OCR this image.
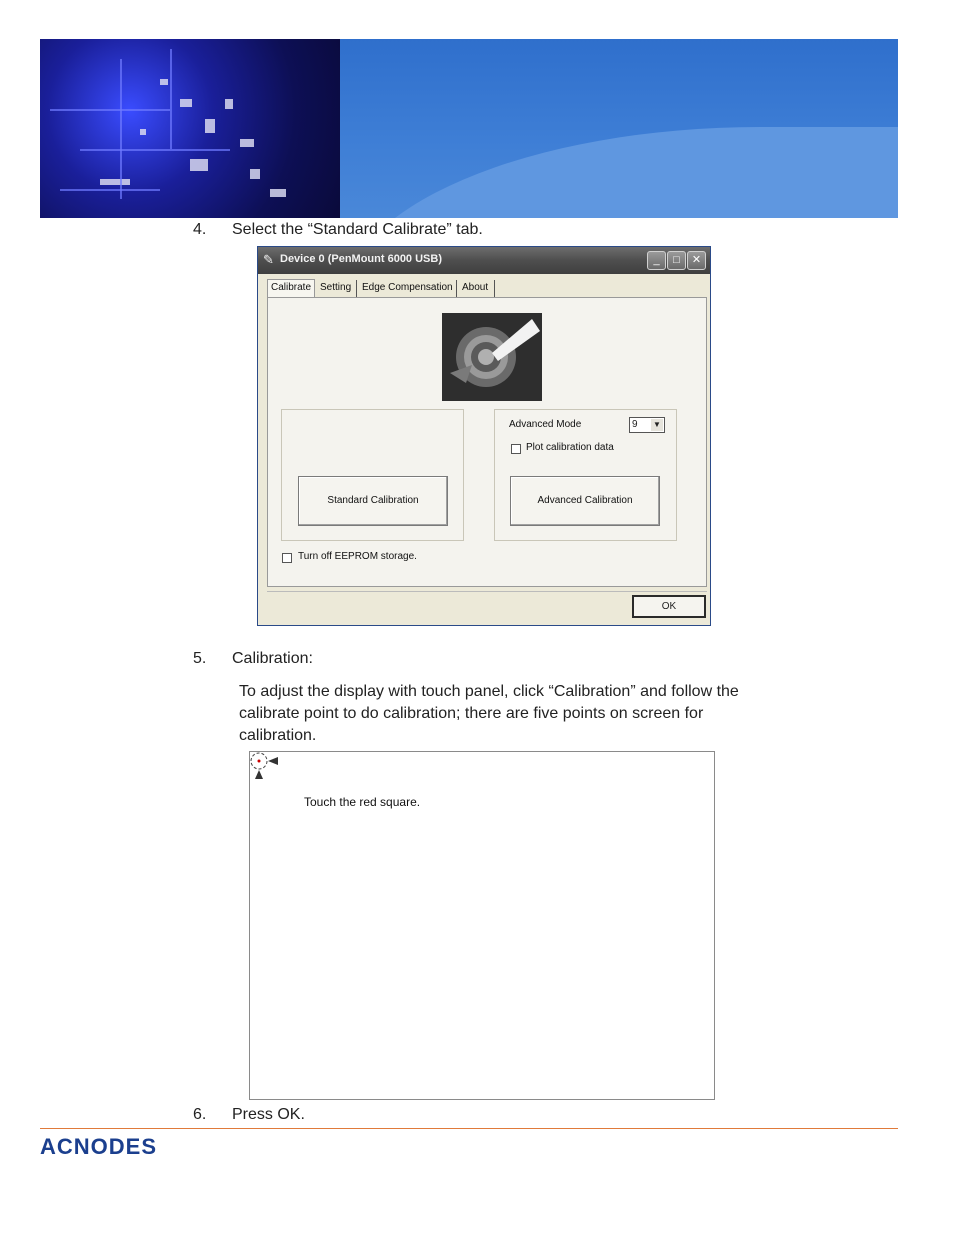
4. Select the “Standard Calibrate” tab.
✎ Device 0 (PenMount 6000 USB)	_	□	✕
Calibrate Setting	Edge Compensation About
Standard Calibration
Advanced Mode	9 ▼
Plot calibration data
Advanced Calibration
Turn off EEPROM storage.
OK
5. Calibration:
To adjust the display with touch panel, click “Calibration” and follow the calibrate point to do calibration; there are five points on screen for calibration.
Touch the red square.
6. Press OK.
ACNODES
